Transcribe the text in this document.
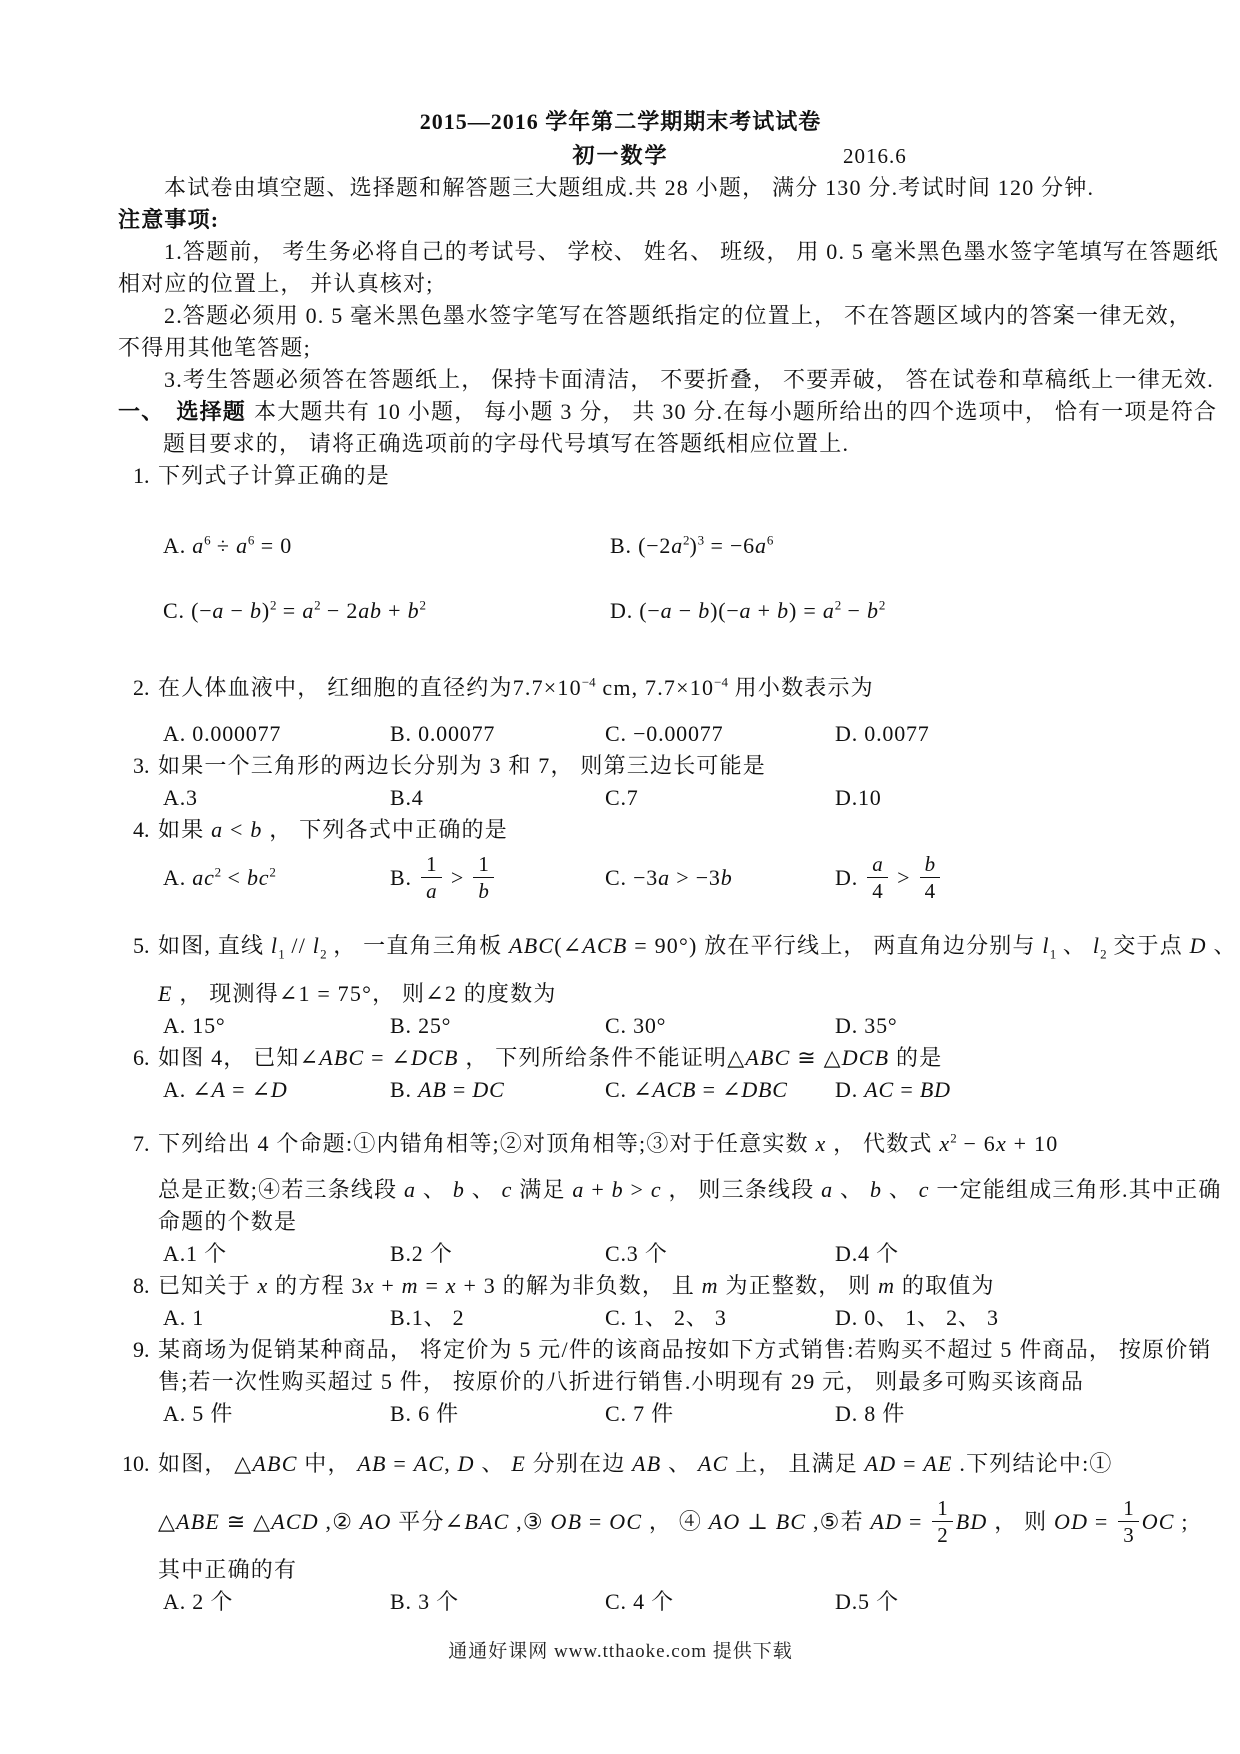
2015—2016 学年第二学期期末考试试卷
初一数学	2016.6
本试卷由填空题、选择题和解答题三大题组成.共 28 小题， 满分 130 分.考试时间 120 分钟.
注意事项:
1.答题前， 考生务必将自己的考试号、 学校、 姓名、 班级， 用 0. 5 毫米黑色墨水签字笔填写在答题纸
相对应的位置上， 并认真核对;
2.答题必须用 0. 5 毫米黑色墨水签字笔写在答题纸指定的位置上， 不在答题区域内的答案一律无效，
不得用其他笔答题;
3.考生答题必须答在答题纸上， 保持卡面清洁， 不要折叠， 不要弄破， 答在试卷和草稿纸上一律无效.
一、 选择题 本大题共有 10 小题， 每小题 3 分， 共 30 分.在每小题所给出的四个选项中， 恰有一项是符合
题目要求的， 请将正确选项前的字母代号填写在答题纸相应位置上.
1. 下列式子计算正确的是
A. $a^6 \div a^6 = 0$	B. $(-2a^2)^3 = -6a^6$
C. $(-a - b)^2 = a^2 - 2ab + b^2$	D. $(-a - b)(-a + b) = a^2 - b^2$
2. 在人体血液中， 红细胞的直径约为$7.7\times 10^{-4}$ cm, $7.7\times 10^{-4}$ 用小数表示为
A. 0.000077	B. 0.00077	C. −0.00077	D. 0.0077
3. 如果一个三角形的两边长分别为 3 和 7， 则第三边长可能是
A.3	B.4	C.7	D.10
4. 如果 a < b ， 下列各式中正确的是
A. $ac^2 < bc^2$	B. $\frac{1}{a} > \frac{1}{b}$	C. −3a > −3b	D. $\frac{a}{4} > \frac{b}{4}$
5. 如图, 直线 $l_1 // l_2$ ， 一直角三角板 ABC(∠ACB = 90°) 放在平行线上， 两直角边分别与 $l_1$ 、 $l_2$ 交于点 D 、
E ， 现测得∠1 = 75°， 则∠2 的度数为
A. 15°	B. 25°	C. 30°	D. 35°
6. 如图 4， 已知∠ABC = ∠DCB ， 下列所给条件不能证明△ABC ≅ △DCB 的是
A. ∠A = ∠D	B. AB = DC	C. ∠ACB = ∠DBC	D. AC = BD
7. 下列给出 4 个命题:①内错角相等;②对顶角相等;③对于任意实数 x ， 代数式 $x^2 - 6x + 10$
总是正数;④若三条线段 a 、 b 、 c 满足 a + b > c ， 则三条线段 a 、 b 、 c 一定能组成三角形.其中正确
命题的个数是
A.1 个	B.2 个	C.3 个	D.4 个
8. 已知关于 x 的方程 3x + m = x + 3 的解为非负数， 且 m 为正整数， 则 m 的取值为
A. 1	B.1、 2	C. 1、 2、 3	D. 0、 1、 2、 3
9. 某商场为促销某种商品， 将定价为 5 元/件的该商品按如下方式销售:若购买不超过 5 件商品， 按原价销
售;若一次性购买超过 5 件， 按原价的八折进行销售.小明现有 29 元， 则最多可购买该商品
A. 5 件	B. 6 件	C. 7 件	D. 8 件
10. 如图， △ABC 中， AB = AC, D 、 E 分别在边 AB 、 AC 上， 且满足 AD = AE .下列结论中:①
△ABE ≅ △ACD ,② AO 平分∠BAC ,③ OB = OC ， ④ AO ⊥ BC ,⑤若 AD = $\frac{1}{2}$ BD ， 则 OD = $\frac{1}{3}$ OC ;
其中正确的有
A. 2 个	B. 3 个	C. 4 个	D.5 个
通通好课网 www.tthaoke.com 提供下载
